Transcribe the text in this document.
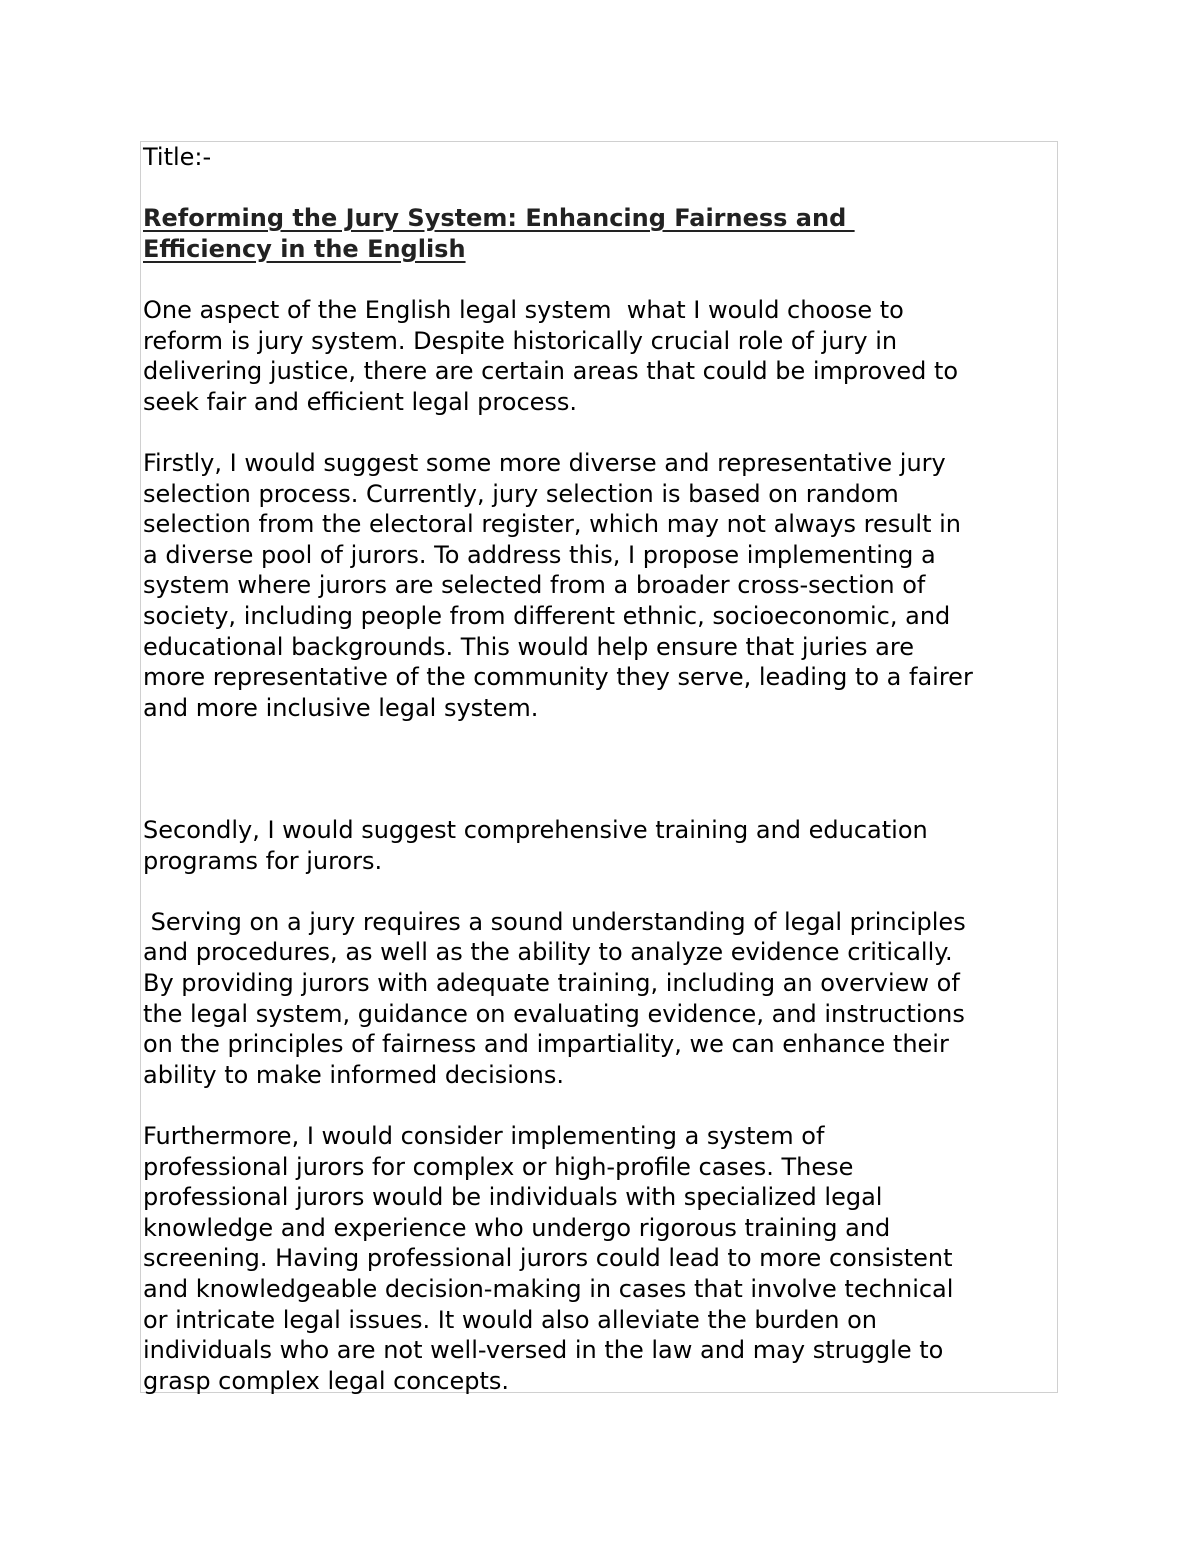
Title:-
Reforming the Jury System: Enhancing Fairness and
Efficiency in the English
One aspect of the English legal system  what I would choose to
reform is jury system. Despite historically crucial role of jury in
delivering justice, there are certain areas that could be improved to
seek fair and efficient legal process.
Firstly, I would suggest some more diverse and representative jury
selection process. Currently, jury selection is based on random
selection from the electoral register, which may not always result in
a diverse pool of jurors. To address this, I propose implementing a
system where jurors are selected from a broader cross-section of
society, including people from different ethnic, socioeconomic, and
educational backgrounds. This would help ensure that juries are
more representative of the community they serve, leading to a fairer
and more inclusive legal system.
Secondly, I would suggest comprehensive training and education
programs for jurors.
Serving on a jury requires a sound understanding of legal principles
and procedures, as well as the ability to analyze evidence critically.
By providing jurors with adequate training, including an overview of
the legal system, guidance on evaluating evidence, and instructions
on the principles of fairness and impartiality, we can enhance their
ability to make informed decisions.
Furthermore, I would consider implementing a system of
professional jurors for complex or high-profile cases. These
professional jurors would be individuals with specialized legal
knowledge and experience who undergo rigorous training and
screening. Having professional jurors could lead to more consistent
and knowledgeable decision-making in cases that involve technical
or intricate legal issues. It would also alleviate the burden on
individuals who are not well-versed in the law and may struggle to
grasp complex legal concepts.
